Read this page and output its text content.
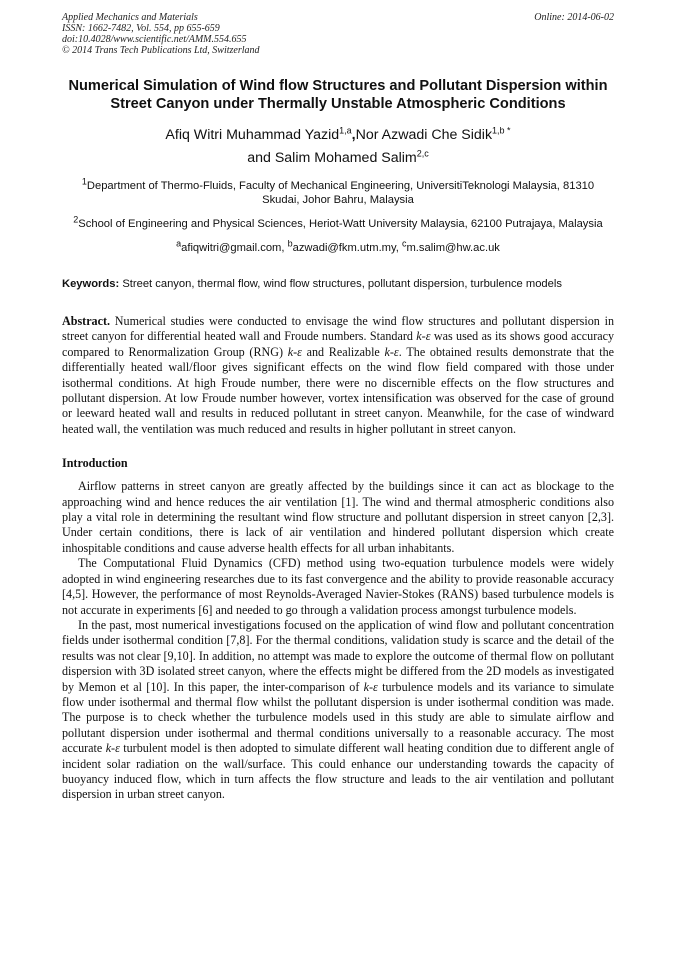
Applied Mechanics and Materials
ISSN: 1662-7482, Vol. 554, pp 655-659
doi:10.4028/www.scientific.net/AMM.554.655
© 2014 Trans Tech Publications Ltd, Switzerland
Online: 2014-06-02
Numerical Simulation of Wind flow Structures and Pollutant Dispersion within Street Canyon under Thermally Unstable Atmospheric Conditions
Afiq Witri Muhammad Yazid$^{1,a}$,Nor Azwadi Che Sidik$^{1,b *}$
and Salim Mohamed Salim$^{2,c}$
$^1$Department of Thermo-Fluids, Faculty of Mechanical Engineering, UniversitiTeknologi Malaysia, 81310 Skudai, Johor Bahru, Malaysia
$^2$School of Engineering and Physical Sciences, Heriot-Watt University Malaysia, 62100 Putrajaya, Malaysia
$^a$afiqwitri@gmail.com, $^b$azwadi@fkm.utm.my, $^c$m.salim@hw.ac.uk
Keywords: Street canyon, thermal flow, wind flow structures, pollutant dispersion, turbulence models
Abstract. Numerical studies were conducted to envisage the wind flow structures and pollutant dispersion in street canyon for differential heated wall and Froude numbers. Standard k-ε was used as its shows good accuracy compared to Renormalization Group (RNG) k-ε and Realizable k-ε. The obtained results demonstrate that the differentially heated wall/floor gives significant effects on the wind flow field compared with those under isothermal conditions. At high Froude number, there were no discernible effects on the flow structures and pollutant dispersion. At low Froude number however, vortex intensification was observed for the case of ground or leeward heated wall and results in reduced pollutant in street canyon. Meanwhile, for the case of windward heated wall, the ventilation was much reduced and results in higher pollutant in street canyon.
Introduction
Airflow patterns in street canyon are greatly affected by the buildings since it can act as blockage to the approaching wind and hence reduces the air ventilation [1]. The wind and thermal atmospheric conditions also play a vital role in determining the resultant wind flow structure and pollutant dispersion in street canyon [2,3]. Under certain conditions, there is lack of air ventilation and hindered pollutant dispersion which create inhospitable conditions and cause adverse health effects for all urban inhabitants.
The Computational Fluid Dynamics (CFD) method using two-equation turbulence models were widely adopted in wind engineering researches due to its fast convergence and the ability to provide reasonable accuracy [4,5]. However, the performance of most Reynolds-Averaged Navier-Stokes (RANS) based turbulence models is not accurate in experiments [6] and needed to go through a validation process amongst turbulence models.
In the past, most numerical investigations focused on the application of wind flow and pollutant concentration fields under isothermal condition [7,8]. For the thermal conditions, validation study is scarce and the detail of the results was not clear [9,10]. In addition, no attempt was made to explore the outcome of thermal flow on pollutant dispersion with 3D isolated street canyon, where the effects might be differed from the 2D models as investigated by Memon et al [10]. In this paper, the inter-comparison of k-ε turbulence models and its variance to simulate flow under isothermal and thermal flow whilst the pollutant dispersion is under isothermal condition was made. The purpose is to check whether the turbulence models used in this study are able to simulate airflow and pollutant dispersion under isothermal and thermal conditions universally to a reasonable accuracy. The most accurate k-ε turbulent model is then adopted to simulate different wall heating condition due to different angle of incident solar radiation on the wall/surface. This could enhance our understanding towards the capacity of buoyancy induced flow, which in turn affects the flow structure and leads to the air ventilation and pollutant dispersion in urban street canyon.
